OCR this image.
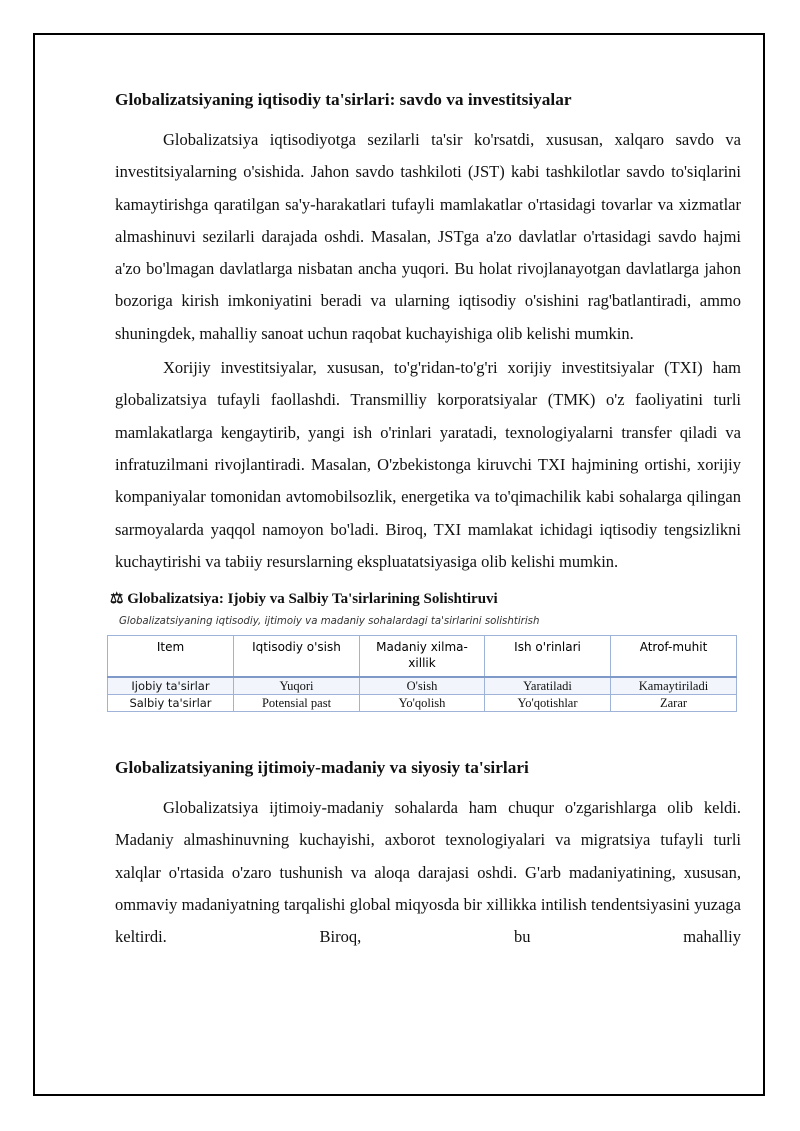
Globalizatsiyaning iqtisodiy ta'sirlari: savdo va investitsiyalar

Globalizatsiya iqtisodiyotga sezilarli ta'sir ko'rsatdi, xususan, xalqaro savdo va investitsiyalarning o'sishida. Jahon savdo tashkiloti (JST) kabi tashkilotlar savdo to'siqlarini kamaytirishga qaratilgan sa'y-harakatlari tufayli mamlakatlar o'rtasidagi tovarlar va xizmatlar almashinuvi sezilarli darajada oshdi. Masalan, JSTga a'zo davlatlar o'rtasidagi savdo hajmi a'zo bo'lmagan davlatlarga nisbatan ancha yuqori. Bu holat rivojlanayotgan davlatlarga jahon bozoriga kirish imkoniyatini beradi va ularning iqtisodiy o'sishini rag'batlantiradi, ammo shuningdek, mahalliy sanoat uchun raqobat kuchayishiga olib kelishi mumkin.

Xorijiy investitsiyalar, xususan, to'g'ridan-to'g'ri xorijiy investitsiyalar (TXI) ham globalizatsiya tufayli faollashdi. Transmilliy korporatsiyalar (TMK) o'z faoliyatini turli mamlakatlarga kengaytirib, yangi ish o'rinlari yaratadi, texnologiyalarni transfer qiladi va infratuzilmani rivojlantiradi. Masalan, O'zbekistonga kiruvchi TXI hajmining ortishi, xorijiy kompaniyalar tomonidan avtomobilsozlik, energetika va to'qimachilik kabi sohalarga qilingan sarmoyalarda yaqqol namoyon bo'ladi. Biroq, TXI mamlakat ichidagi iqtisodiy tengsizlikni kuchaytirishi va tabiiy resurslarning ekspluatatsiyasiga olib kelishi mumkin.

⚖ Globalizatsiya: Ijobiy va Salbiy Ta'sirlarining Solishtiruvi
Globalizatsiyaning iqtisodiy, ijtimoiy va madaniy sohalardagi ta'sirlarini solishtirish
Item	Iqtisodiy o'sish	Madaniy xilma-xillik	Ish o'rinlari	Atrof-muhit
Ijobiy ta'sirlar	Yuqori	O'sish	Yaratiladi	Kamaytiriladi
Salbiy ta'sirlar	Potensial past	Yo'qolish	Yo'qotishlar	Zarar
Globalizatsiyaning ijtimoiy-madaniy va siyosiy ta'sirlari

Globalizatsiya ijtimoiy-madaniy sohalarda ham chuqur o'zgarishlarga olib keldi. Madaniy almashinuvning kuchayishi, axborot texnologiyalari va migratsiya tufayli turli xalqlar o'rtasida o'zaro tushunish va aloqa darajasi oshdi. G'arb madaniyatining, xususan, ommaviy madaniyatning tarqalishi global miqyosda bir xillikka intilish tendentsiyasini yuzaga keltirdi. Biroq, bu mahalliy
